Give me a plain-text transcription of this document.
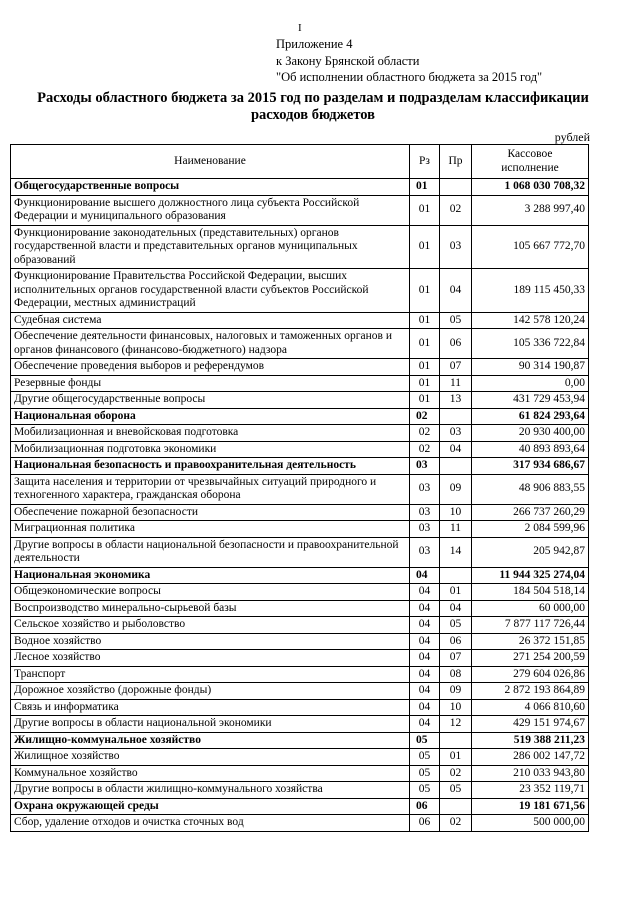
I
Приложение 4
к Закону Брянской области
"Об исполнении областного бюджета за 2015 год"
Расходы областного бюджета за 2015 год по разделам и подразделам классификации
расходов бюджетов
рублей
Наименование	Рз	Пр	Кассовое
исполнение

Общегосударственные вопросы	01		1 068 030 708,32
Функционирование высшего должностного лица субъекта Российской Федерации и муниципального образования	01	02	3 288 997,40
Функционирование законодательных (представительных) органов государственной власти и представительных органов муниципальных образований	01	03	105 667 772,70
Функционирование Правительства Российской Федерации, высших исполнительных органов государственной власти субъектов Российской Федерации, местных администраций	01	04	189 115 450,33
Судебная система	01	05	142 578 120,24
Обеспечение деятельности финансовых, налоговых и таможенных органов и органов финансового (финансово-бюджетного) надзора	01	06	105 336 722,84
Обеспечение проведения выборов и референдумов	01	07	90 314 190,87
Резервные фонды	01	11	0,00
Другие общегосударственные вопросы	01	13	431 729 453,94
Национальная оборона	02		61 824 293,64
Мобилизационная и вневойсковая подготовка	02	03	20 930 400,00
Мобилизационная подготовка экономики	02	04	40 893 893,64
Национальная безопасность и правоохранительная деятельность	03		317 934 686,67
Защита населения и территории от чрезвычайных ситуаций природного и техногенного характера, гражданская оборона	03	09	48 906 883,55
Обеспечение пожарной безопасности	03	10	266 737 260,29
Миграционная политика	03	11	2 084 599,96
Другие вопросы в области национальной безопасности и правоохранительной деятельности	03	14	205 942,87
Национальная экономика	04		11 944 325 274,04
Общеэкономические вопросы	04	01	184 504 518,14
Воспроизводство минерально-сырьевой базы	04	04	60 000,00
Сельское хозяйство и рыболовство	04	05	7 877 117 726,44
Водное хозяйство	04	06	26 372 151,85
Лесное хозяйство	04	07	271 254 200,59
Транспорт	04	08	279 604 026,86
Дорожное хозяйство (дорожные фонды)	04	09	2 872 193 864,89
Связь и информатика	04	10	4 066 810,60
Другие вопросы в области национальной экономики	04	12	429 151 974,67
Жилищно-коммунальное хозяйство	05		519 388 211,23
Жилищное хозяйство	05	01	286 002 147,72
Коммунальное хозяйство	05	02	210 033 943,80
Другие вопросы в области жилищно-коммунального хозяйства	05	05	23 352 119,71
Охрана окружающей среды	06		19 181 671,56
Сбор, удаление отходов и очистка сточных вод	06	02	500 000,00
